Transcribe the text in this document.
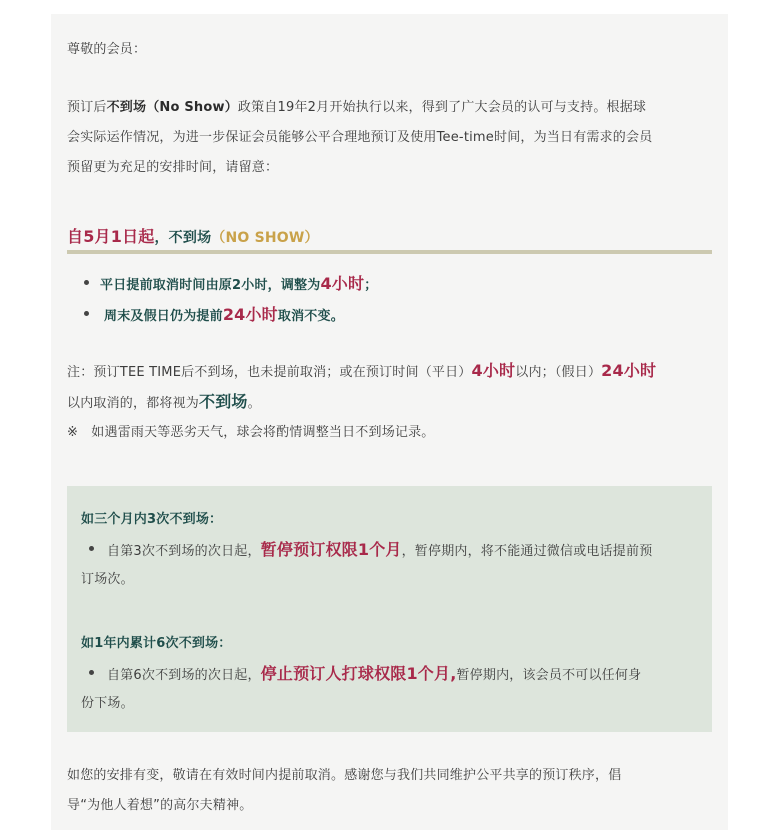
尊敬的会员：
预订后不到场（No Show）政策自19年2月开始执行以来，得到了广大会员的认可与支持。根据球
会实际运作情况，为进一步保证会员能够公平合理地预订及使用Tee-time时间，为当日有需求的会员
预留更为充足的安排时间，请留意：
自5月1日起，不到场（NO SHOW）
平日提前取消时间由原2小时，调整为4小时；
周末及假日仍为提前24小时取消不变。
注：预订TEE TIME后不到场，也未提前取消；或在预订时间（平日）4小时以内；（假日）24小时
以内取消的，都将视为不到场。
※　如遇雷雨天等恶劣天气，球会将酌情调整当日不到场记录。
如三个月内3次不到场：
自第3次不到场的次日起，暂停预订权限1个月，暂停期内，将不能通过微信或电话提前预
订场次。
如1年内累计6次不到场：
自第6次不到场的次日起，停止预订人打球权限1个月,暂停期内，该会员不可以任何身
份下场。
如您的安排有变，敬请在有效时间内提前取消。感谢您与我们共同维护公平共享的预订秩序，倡
导“为他人着想”的高尔夫精神。
